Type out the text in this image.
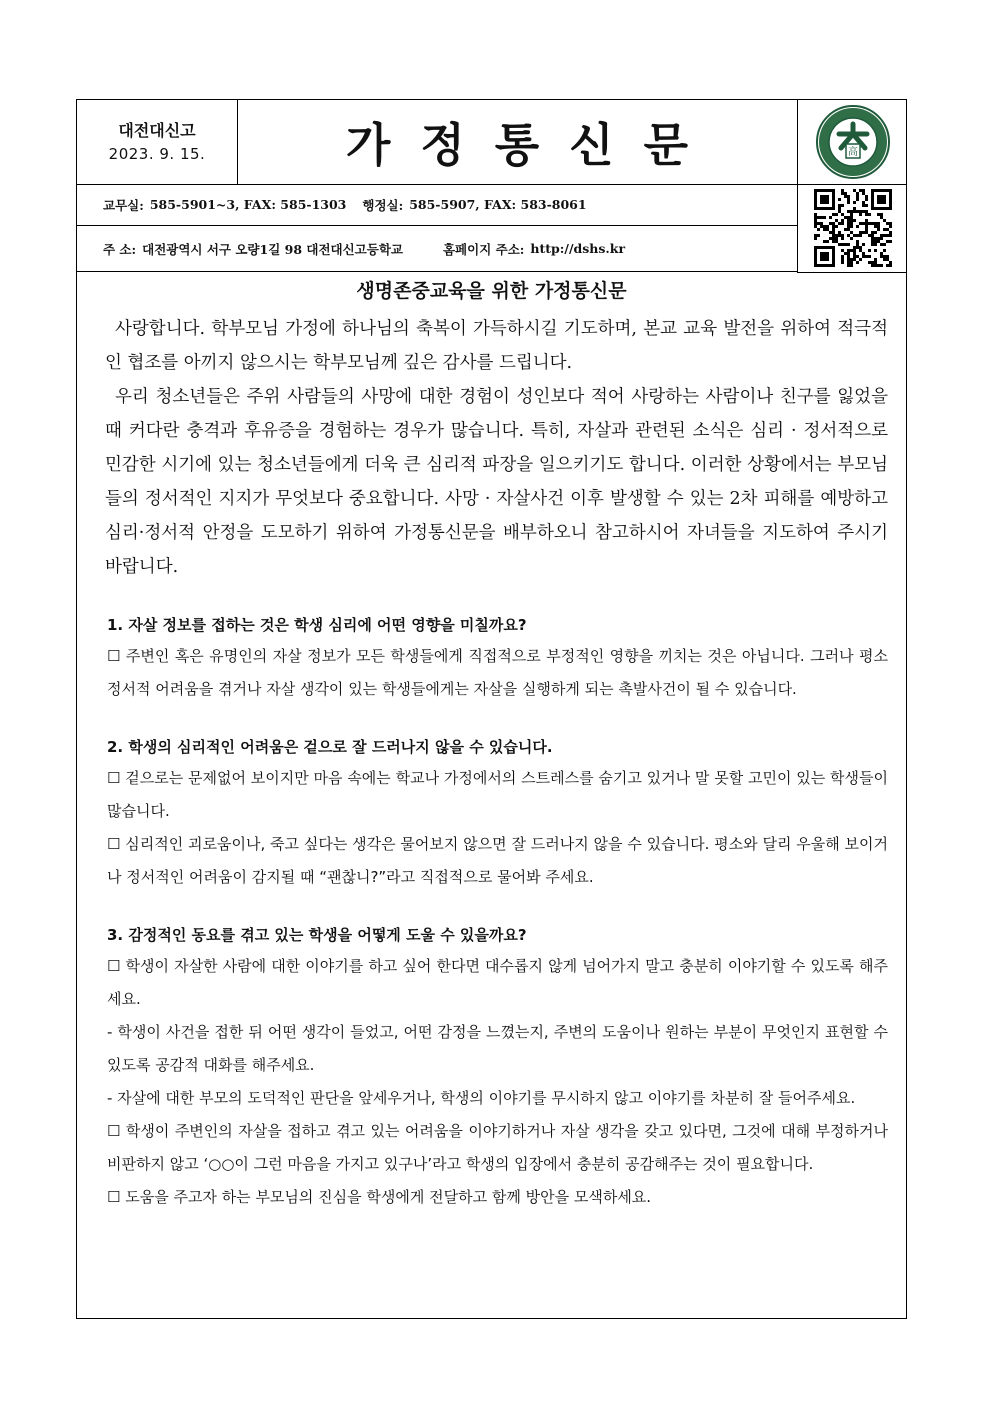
대전대신고
2023. 9. 15.	가정통신문	高
교무실: 585-5901~3, FAX: 585-1303 행정실: 585-5907, FAX: 583-8061
주 소: 대전광역시 서구 오량1길 98 대전대신고등학교	홈페이지 주소: http://dshs.kr
생명존중교육을 위한 가정통신문

사랑합니다. 학부모님 가정에 하나님의 축복이 가득하시길 기도하며, 본교 교육 발전을 위하여 적극적인 협조를 아끼지 않으시는 학부모님께 깊은 감사를 드립니다.

우리 청소년들은 주위 사람들의 사망에 대한 경험이 성인보다 적어 사랑하는 사람이나 친구를 잃었을 때 커다란 충격과 후유증을 경험하는 경우가 많습니다. 특히, 자살과 관련된 소식은 심리 · 정서적으로 민감한 시기에 있는 청소년들에게 더욱 큰 심리적 파장을 일으키기도 합니다. 이러한 상황에서는 부모님들의 정서적인 지지가 무엇보다 중요합니다. 사망 · 자살사건 이후 발생할 수 있는 2차 피해를 예방하고 심리·정서적 안정을 도모하기 위하여 가정통신문을 배부하오니 참고하시어 자녀들을 지도하여 주시기 바랍니다.

1. 자살 정보를 접하는 것은 학생 심리에 어떤 영향을 미칠까요?
☐ 주변인 혹은 유명인의 자살 정보가 모든 학생들에게 직접적으로 부정적인 영향을 끼치는 것은 아닙니다. 그러나 평소 정서적 어려움을 겪거나 자살 생각이 있는 학생들에게는 자살을 실행하게 되는 촉발사건이 될 수 있습니다.
2. 학생의 심리적인 어려움은 겉으로 잘 드러나지 않을 수 있습니다.
☐ 겉으로는 문제없어 보이지만 마음 속에는 학교나 가정에서의 스트레스를 숨기고 있거나 말 못할 고민이 있는 학생들이 많습니다.
☐ 심리적인 괴로움이나, 죽고 싶다는 생각은 물어보지 않으면 잘 드러나지 않을 수 있습니다. 평소와 달리 우울해 보이거나 정서적인 어려움이 감지될 때 “괜찮니?”라고 직접적으로 물어봐 주세요.
3. 감정적인 동요를 겪고 있는 학생을 어떻게 도울 수 있을까요?
☐ 학생이 자살한 사람에 대한 이야기를 하고 싶어 한다면 대수롭지 않게 넘어가지 말고 충분히 이야기할 수 있도록 해주세요.
- 학생이 사건을 접한 뒤 어떤 생각이 들었고, 어떤 감정을 느꼈는지, 주변의 도움이나 원하는 부분이 무엇인지 표현할 수 있도록 공감적 대화를 해주세요.
- 자살에 대한 부모의 도덕적인 판단을 앞세우거나, 학생의 이야기를 무시하지 않고 이야기를 차분히 잘 들어주세요.
☐ 학생이 주변인의 자살을 접하고 겪고 있는 어려움을 이야기하거나 자살 생각을 갖고 있다면, 그것에 대해 부정하거나 비판하지 않고 ‘○○이 그런 마음을 가지고 있구나’라고 학생의 입장에서 충분히 공감해주는 것이 필요합니다.
☐ 도움을 주고자 하는 부모님의 진심을 학생에게 전달하고 함께 방안을 모색하세요.
